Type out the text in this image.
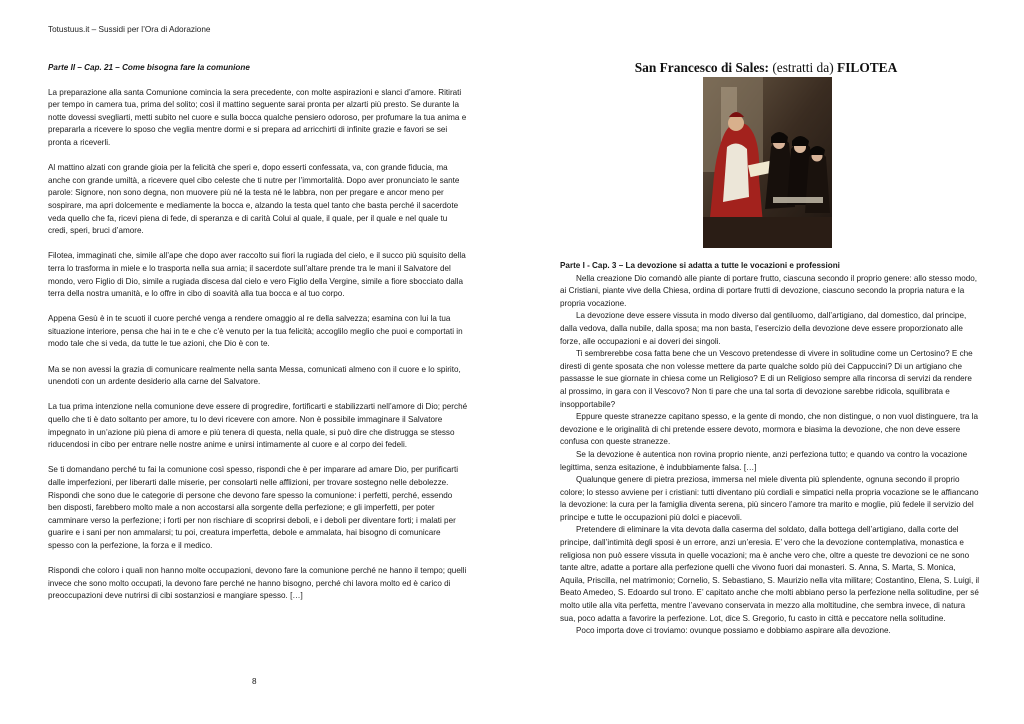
Totustuus.it – Sussidi per l’Ora di Adorazione
Parte II – Cap. 21 – Come bisogna fare la comunione

La preparazione alla santa Comunione comincia la sera precedente, con molte aspirazioni e slanci d’amore. Ritirati per tempo in camera tua, prima del solito; così il mattino seguente sarai pronta per alzarti più presto. Se durante la notte dovessi svegliarti, metti subito nel cuore e sulla bocca qualche pensiero odoroso, per profumare la tua anima e prepararla a ricevere lo sposo che veglia mentre dormi e si prepara ad arricchirti di infinite grazie e favori se sei pronta a riceverli.

Al mattino alzati con grande gioia per la felicità che speri e, dopo esserti confessata, va, con grande fiducia, ma anche con grande umiltà, a ricevere quel cibo celeste che ti nutre per l’immortalità. Dopo aver pronunciato le sante parole: Signore, non sono degna, non muovere più né la testa né le labbra, non per pregare e ancor meno per sospirare, ma apri dolcemente e mediamente la bocca e, alzando la testa quel tanto che basta perché il sacerdote veda quello che fa, ricevi piena di fede, di speranza e di carità Colui al quale, il quale, per il quale e nel quale tu credi, speri, bruci d’amore.

Filotea, immaginati che, simile all’ape che dopo aver raccolto sui fiori la rugiada del cielo, e il succo più squisito della terra lo trasforma in miele e lo trasporta nella sua arnia; il sacerdote sull’altare prende tra le mani il Salvatore del mondo, vero Figlio di Dio, simile a rugiada discesa dal cielo e vero Figlio della Vergine, simile a fiore sbocciato dalla terra della nostra umanità, e lo offre in cibo di soavità alla tua bocca e al tuo corpo.

Appena Gesù è in te scuoti il cuore perché venga a rendere omaggio al re della salvezza; esamina con lui la tua situazione interiore, pensa che hai in te e che c’è venuto per la tua felicità; accoglilo meglio che puoi e comportati in modo tale che si veda, da tutte le tue azioni, che Dio è con te.

Ma se non avessi la grazia di comunicare realmente nella santa Messa, comunicati almeno con il cuore e lo spirito, unendoti con un ardente desiderio alla carne del Salvatore.

La tua prima intenzione nella comunione deve essere di progredire, fortificarti e stabilizzarti nell’amore di Dio; perché quello che ti è dato soltanto per amore, tu lo devi ricevere con amore. Non è possibile immaginare il Salvatore impegnato in un’azione più piena di amore e più tenera di questa, nella quale, si può dire che distrugga se stesso riducendosi in cibo per entrare nelle nostre anime e unirsi intimamente al cuore e al corpo dei fedeli.

Se ti domandano perché tu fai la comunione così spesso, rispondi che è per imparare ad amare Dio, per purificarti dalle imperfezioni, per liberarti dalle miserie, per consolarti nelle afflizioni, per trovare sostegno nelle debolezze. Rispondi che sono due le categorie di persone che devono fare spesso la comunione: i perfetti, perché, essendo ben disposti, farebbero molto male a non accostarsi alla sorgente della perfezione; e gli imperfetti, per poter camminare verso la perfezione; i forti per non rischiare di scoprirsi deboli, e i deboli per diventare forti; i malati per guarire e i sani per non ammalarsi; tu poi, creatura imperfetta, debole e ammalata, hai bisogno di comunicare spesso con la perfezione, la forza e il medico.

Rispondi che coloro i quali non hanno molte occupazioni, devono fare la comunione perché ne hanno il tempo; quelli invece che sono molto occupati, la devono fare perché ne hanno bisogno, perché chi lavora molto ed è carico di preoccupazioni deve nutrirsi di cibi sostanziosi e mangiare spesso. […]

San Francesco di Sales: (estratti da) FILOTEA
Parte I - Cap. 3 – La devozione si adatta a tutte le vocazioni e professioni

Nella creazione Dio comandò alle piante di portare frutto, ciascuna secondo il proprio genere: allo stesso modo, ai Cristiani, piante vive della Chiesa, ordina di portare frutti di devozione, ciascuno secondo la propria natura e la propria vocazione.

La devozione deve essere vissuta in modo diverso dal gentiluomo, dall’artigiano, dal domestico, dal principe, dalla vedova, dalla nubile, dalla sposa; ma non basta, l’esercizio della devozione deve essere proporzionato alle forze, alle occupazioni e ai doveri dei singoli.

Ti sembrerebbe cosa fatta bene che un Vescovo pretendesse di vivere in solitudine come un Certosino? E che diresti di gente sposata che non volesse mettere da parte qualche soldo più dei Cappuccini? Di un artigiano che passasse le sue giornate in chiesa come un Religioso? E di un Religioso sempre alla rincorsa di servizi da rendere al prossimo, in gara con il Vescovo? Non ti pare che una tal sorta di devozione sarebbe ridicola, squilibrata e insopportabile?

Eppure queste stranezze capitano spesso, e la gente di mondo, che non distingue, o non vuol distinguere, tra la devozione e le originalità di chi pretende essere devoto, mormora e biasima la devozione, che non deve essere confusa con queste stranezze.

Se la devozione è autentica non rovina proprio niente, anzi perfeziona tutto; e quando va contro la vocazione legittima, senza esitazione, è indubbiamente falsa. […]

Qualunque genere di pietra preziosa, immersa nel miele diventa più splendente, ognuna secondo il proprio colore; lo stesso avviene per i cristiani: tutti diventano più cordiali e simpatici nella propria vocazione se le affiancano la devozione: la cura per la famiglia diventa serena, più sincero l’amore tra marito e moglie, più fedele il servizio del principe e tutte le occupazioni più dolci e piacevoli.

Pretendere di eliminare la vita devota dalla caserma del soldato, dalla bottega dell’artigiano, dalla corte del principe, dall’intimità degli sposi è un errore, anzi un’eresia. E’ vero che la devozione contemplativa, monastica e religiosa non può essere vissuta in quelle vocazioni; ma è anche vero che, oltre a queste tre devozioni ce ne sono tante altre, adatte a portare alla perfezione quelli che vivono fuori dai monasteri. S. Anna, S. Marta, S. Monica, Aquila, Priscilla, nel matrimonio; Cornelio, S. Sebastiano, S. Maurizio nella vita militare; Costantino, Elena, S. Luigi, il Beato Amedeo, S. Edoardo sul trono. E’ capitato anche che molti abbiano perso la perfezione nella solitudine, per sé molto utile alla vita perfetta, mentre l’avevano conservata in mezzo alla moltitudine, che sembra invece, di natura sua, poco adatta a favorire la perfezione. Lot, dice S. Gregorio, fu casto in città e peccatore nella solitudine.

Poco importa dove ci troviamo: ovunque possiamo e dobbiamo aspirare alla devozione.

8
